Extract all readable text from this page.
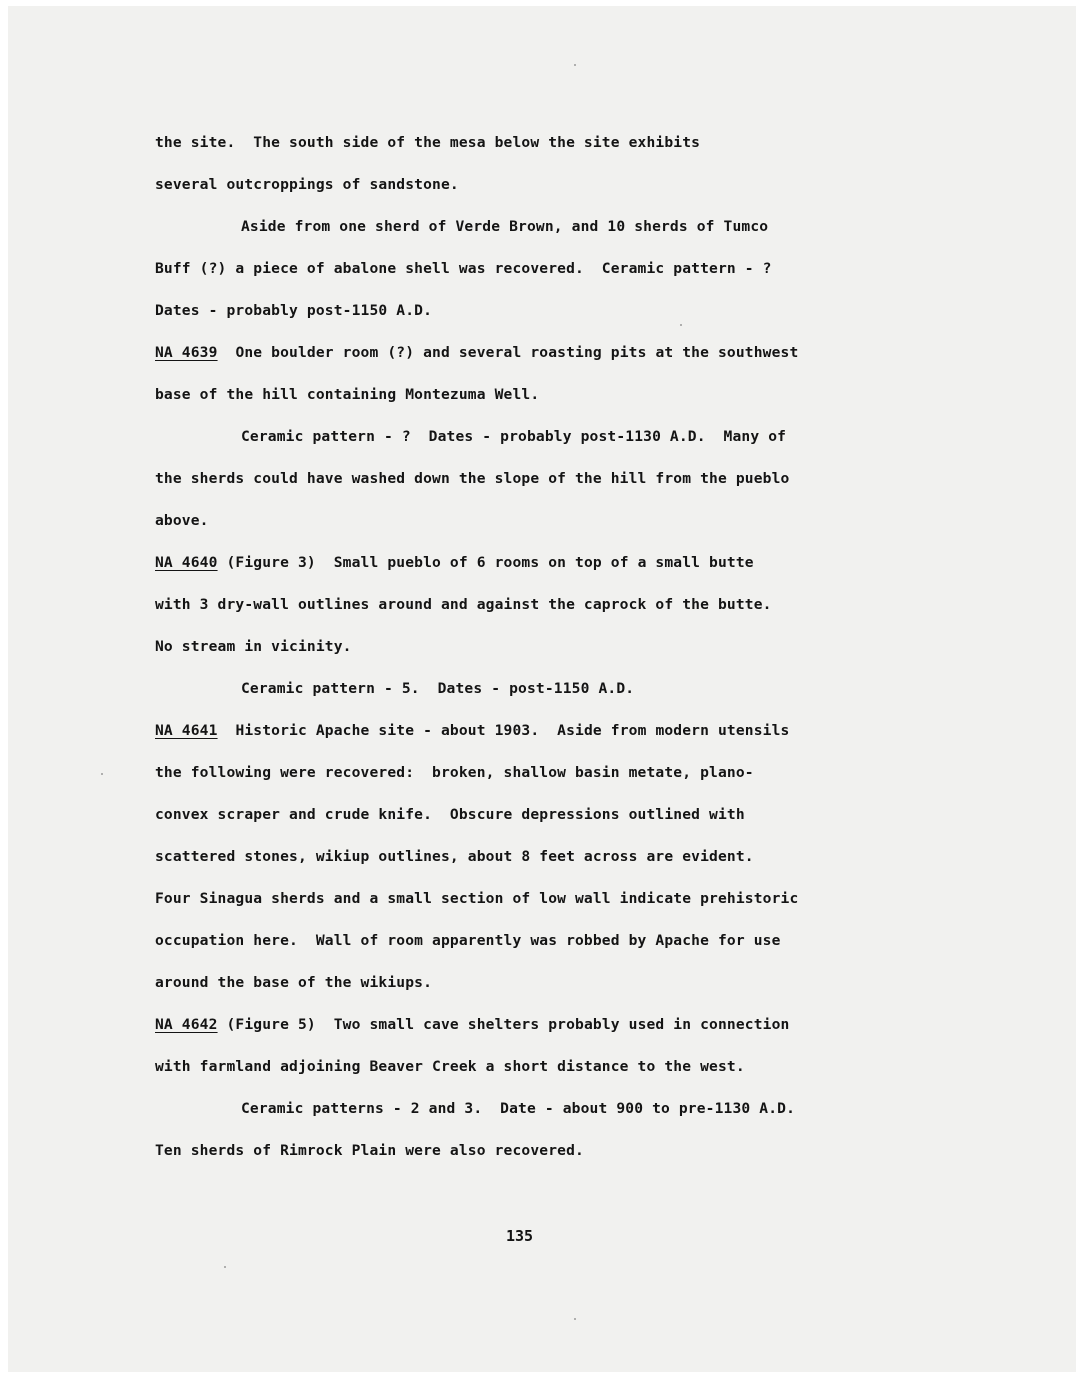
the site.  The south side of the mesa below the site exhibits
several outcroppings of sandstone.
Aside from one sherd of Verde Brown, and 10 sherds of Tumco
Buff (?) a piece of abalone shell was recovered.  Ceramic pattern - ?
Dates - probably post-1150 A.D.
NA 4639 One boulder room (?) and several roasting pits at the southwest
base of the hill containing Montezuma Well.
Ceramic pattern - ?  Dates - probably post-1130 A.D.  Many of
the sherds could have washed down the slope of the hill from the pueblo
above.
NA 4640 (Figure 3)  Small pueblo of 6 rooms on top of a small butte
with 3 dry-wall outlines around and against the caprock of the butte.
No stream in vicinity.
Ceramic pattern - 5.  Dates - post-1150 A.D.
NA 4641 Historic Apache site - about 1903.  Aside from modern utensils
the following were recovered:  broken, shallow basin metate, plano-
convex scraper and crude knife.  Obscure depressions outlined with
scattered stones, wikiup outlines, about 8 feet across are evident.
Four Sinagua sherds and a small section of low wall indicate prehistoric
occupation here.  Wall of room apparently was robbed by Apache for use
around the base of the wikiups.
NA 4642 (Figure 5)  Two small cave shelters probably used in connection
with farmland adjoining Beaver Creek a short distance to the west.
Ceramic patterns - 2 and 3.  Date - about 900 to pre-1130 A.D.
Ten sherds of Rimrock Plain were also recovered.
135
